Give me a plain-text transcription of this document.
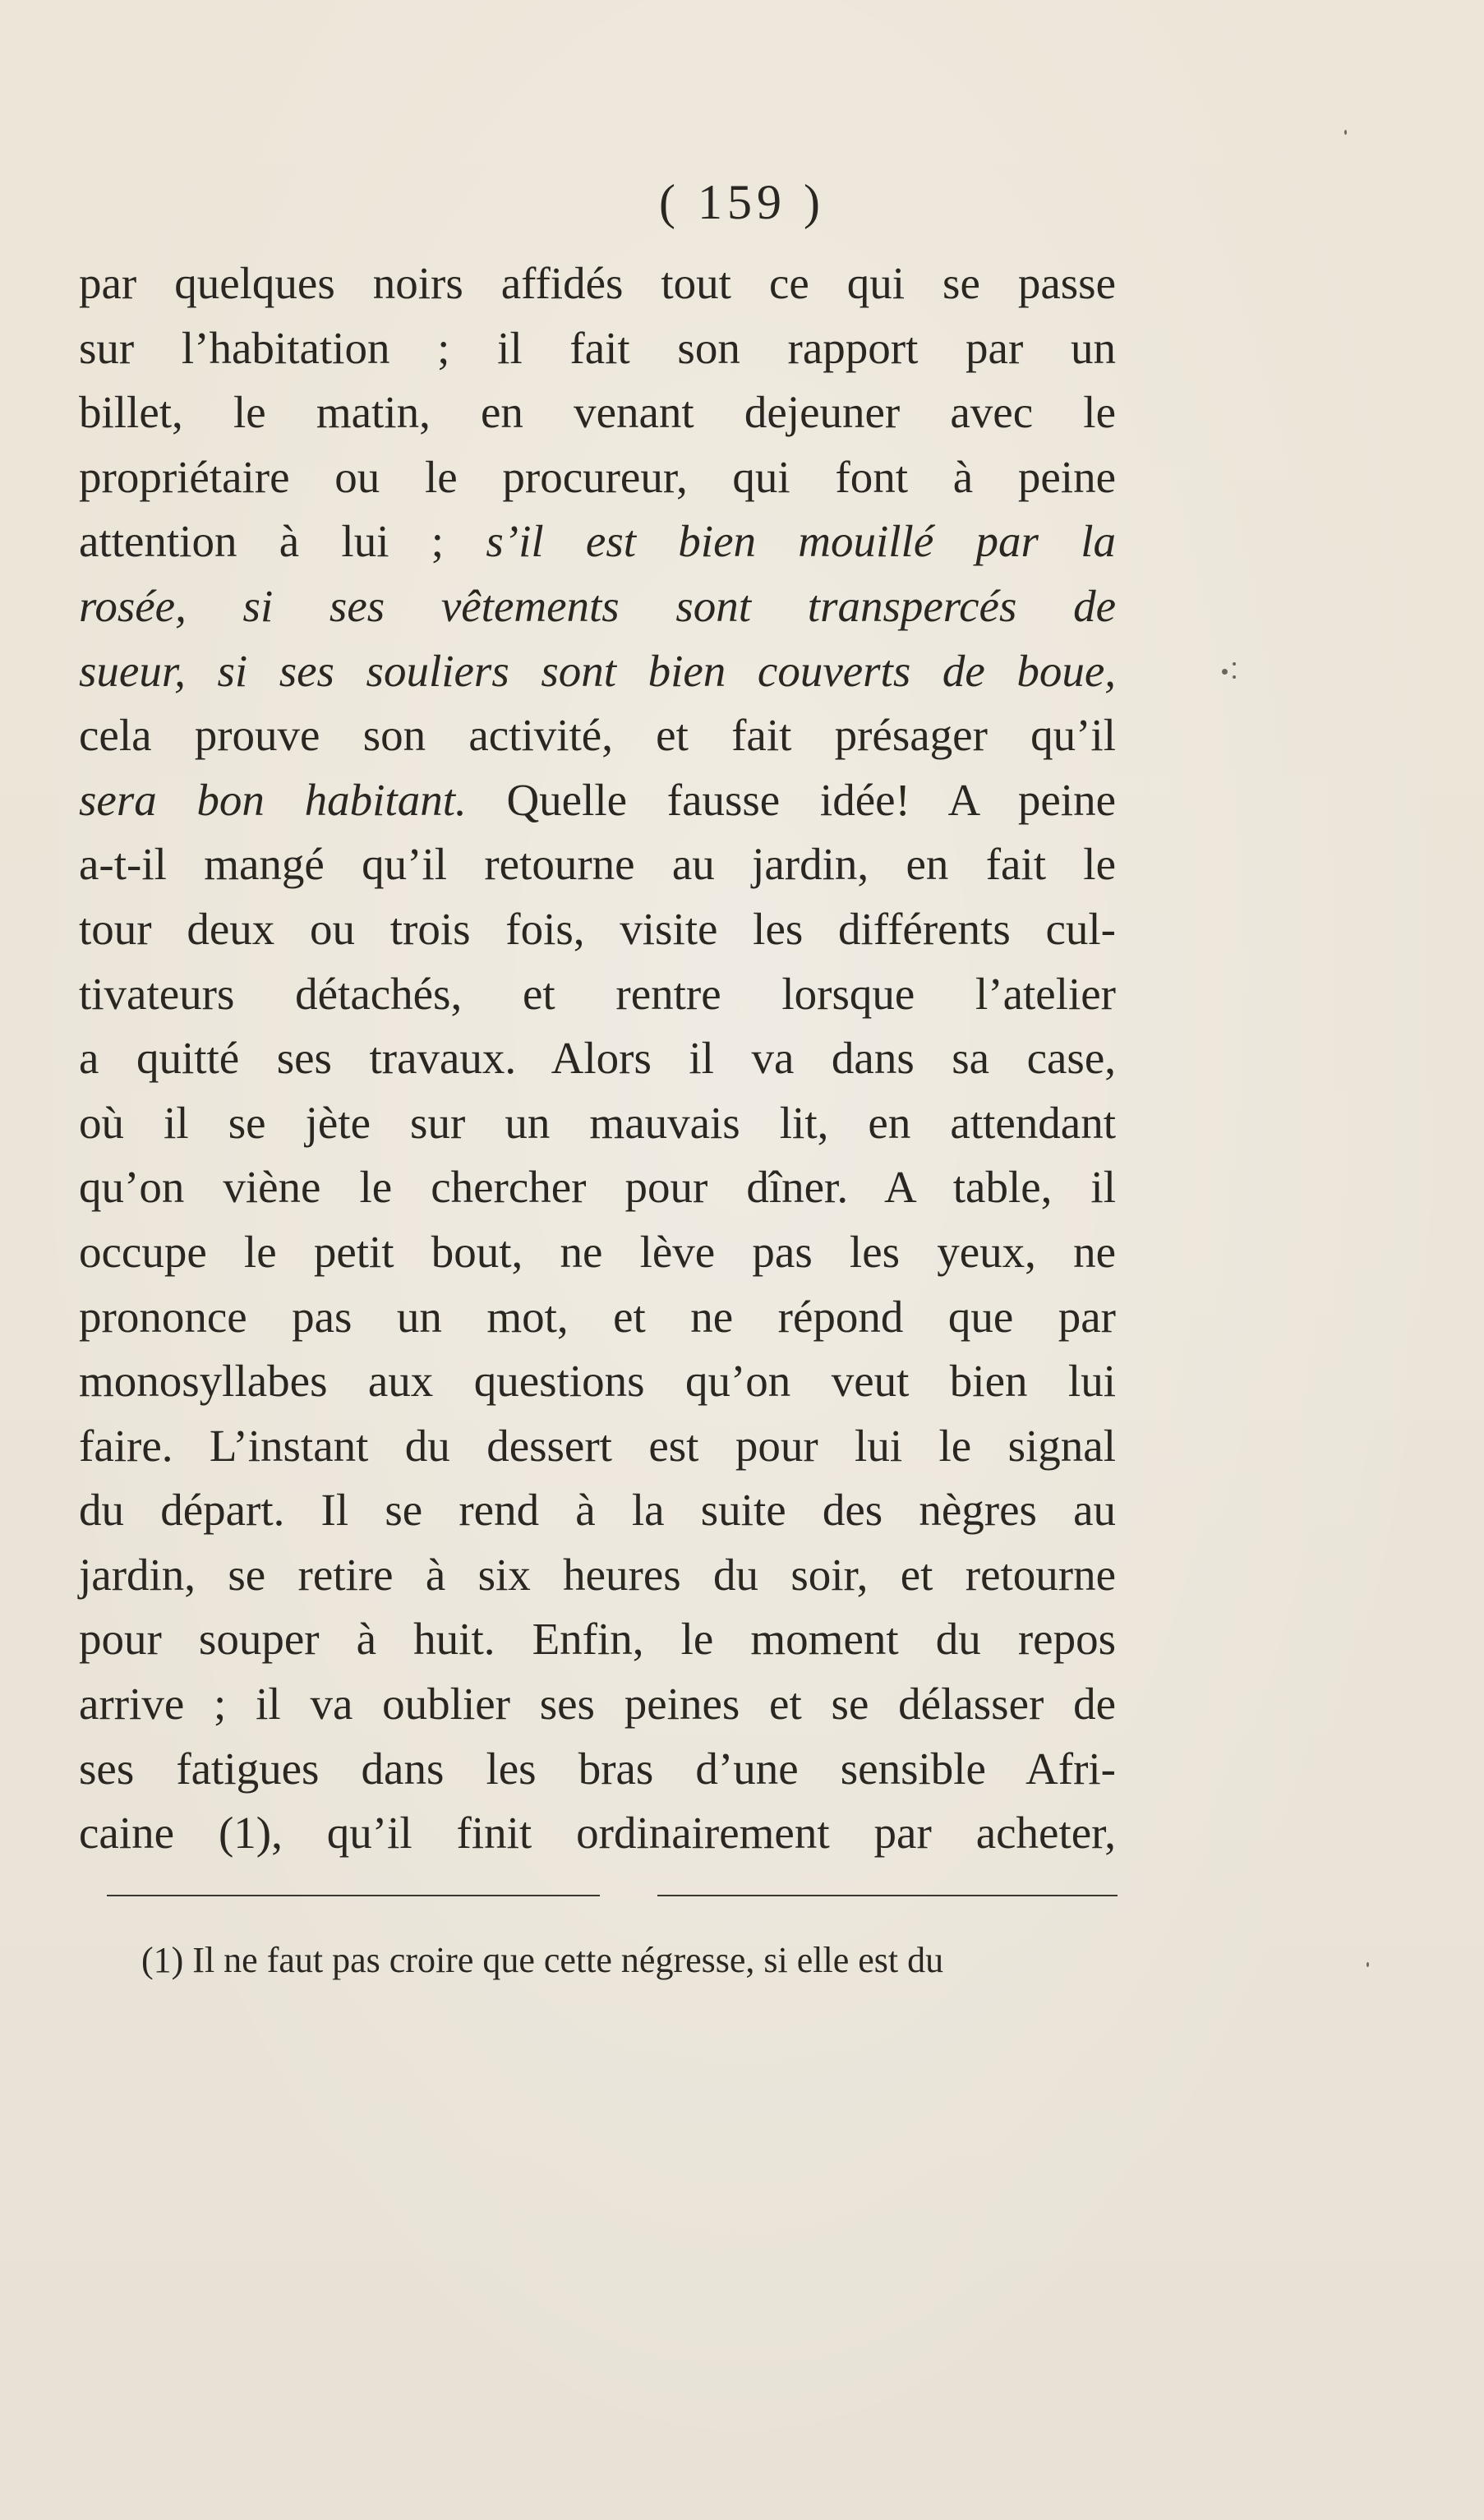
( 159 )
par quelques noirs affidés tout ce qui se passe
sur l’habitation ; il fait son rapport par un
billet, le matin, en venant dejeuner avec le
propriétaire ou le procureur, qui font à peine
attention à lui ; s’il est bien mouillé par la
rosée, si ses vêtements sont transpercés de
sueur, si ses souliers sont bien couverts de boue,
cela prouve son activité, et fait présager qu’il
sera bon habitant. Quelle fausse idée! A peine
a-t-il mangé qu’il retourne au jardin, en fait le
tour deux ou trois fois, visite les différents cul-
tivateurs détachés, et rentre lorsque l’atelier
a quitté ses travaux. Alors il va dans sa case,
où il se jète sur un mauvais lit, en attendant
qu’on viène le chercher pour dîner. A table, il
occupe le petit bout, ne lève pas les yeux, ne
prononce pas un mot, et ne répond que par
monosyllabes aux questions qu’on veut bien lui
faire. L’instant du dessert est pour lui le signal
du départ. Il se rend à la suite des nègres au
jardin, se retire à six heures du soir, et retourne
pour souper à huit. Enfin, le moment du repos
arrive ; il va oublier ses peines et se délasser de
ses fatigues dans les bras d’une sensible Afri-
caine (1), qu’il finit ordinairement par acheter,
(1) Il ne faut pas croire que cette négresse, si elle est du
